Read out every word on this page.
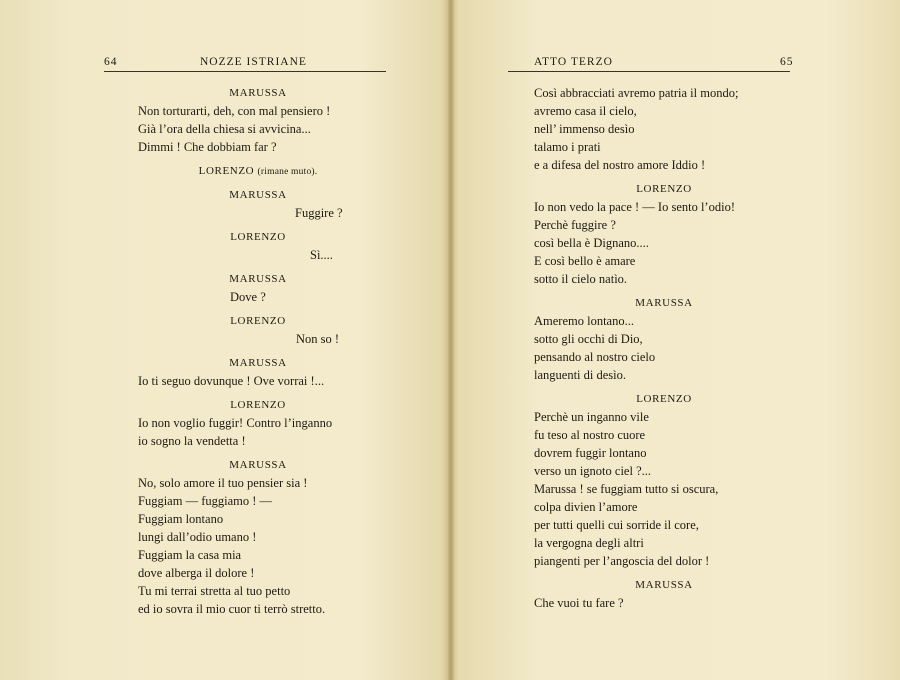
64	NOZZE ISTRIANE
MARUSSA
Non torturarti, deh, con mal pensiero !
Già l’ora della chiesa si avvicina...
Dimmi ! Che dobbiam far ?
LORENZO (rimane muto).
MARUSSA
Fuggire ?
LORENZO
Sì....
MARUSSA
Dove ?
LORENZO
Non so !
MARUSSA
Io ti seguo dovunque ! Ove vorrai !...
LORENZO
Io non voglio fuggir! Contro l’inganno
io sogno la vendetta !
MARUSSA
No, solo amore il tuo pensier sia !
Fuggiam — fuggiamo ! —
Fuggiam lontano
lungi dall’odio umano !
Fuggiam la casa mia
dove alberga il dolore !
Tu mi terrai stretta al tuo petto
ed io sovra il mio cuor ti terrò stretto.
ATTO TERZO	65
Così abbracciati avremo patria il mondo;
avremo casa il cielo,
nell’ immenso desìo
talamo i prati
e a difesa del nostro amore Iddio !
LORENZO
Io non vedo la pace ! — Io sento l’odio!
Perchè fuggire ?
così bella è Dignano....
E così bello è amare
sotto il cielo natìo.
MARUSSA
Ameremo lontano...
sotto gli occhi di Dio,
pensando al nostro cielo
languenti di desìo.
LORENZO
Perchè un inganno vile
fu teso al nostro cuore
dovrem fuggir lontano
verso un ignoto ciel ?...
Marussa ! se fuggiam tutto si oscura,
colpa divien l’amore
per tutti quelli cui sorride il core,
la vergogna degli altri
piangenti per l’angoscia del dolor !
MARUSSA
Che vuoi tu fare ?
